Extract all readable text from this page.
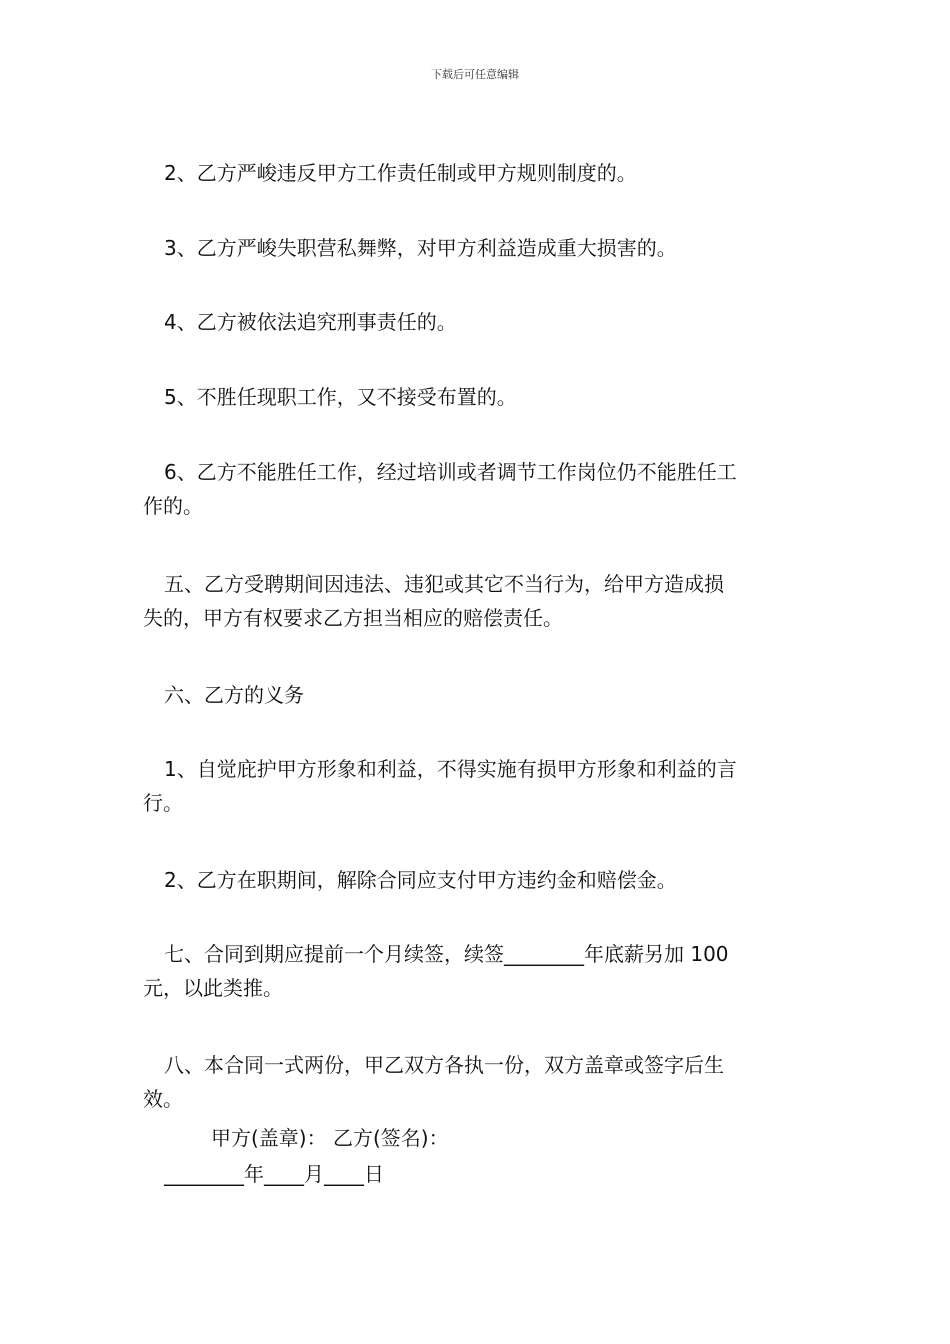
下载后可任意编辑
2、乙方严峻违反甲方工作责任制或甲方规则制度的。
3、乙方严峻失职营私舞弊，对甲方利益造成重大损害的。
4、乙方被依法追究刑事责任的。
5、不胜任现职工作，又不接受布置的。
6、乙方不能胜任工作，经过培训或者调节工作岗位仍不能胜任工
作的。
五、乙方受聘期间因违法、违犯或其它不当行为，给甲方造成损
失的，甲方有权要求乙方担当相应的赔偿责任。
六、乙方的义务
1、自觉庇护甲方形象和利益，不得实施有损甲方形象和利益的言
行。
2、乙方在职期间，解除合同应支付甲方违约金和赔偿金。
七、合同到期应提前一个月续签，续签________年底薪另加 100
元，以此类推。
八、本合同一式两份，甲乙双方各执一份，双方盖章或签字后生
效。
甲方(盖章)： 乙方(签名)：
________年____月____日
